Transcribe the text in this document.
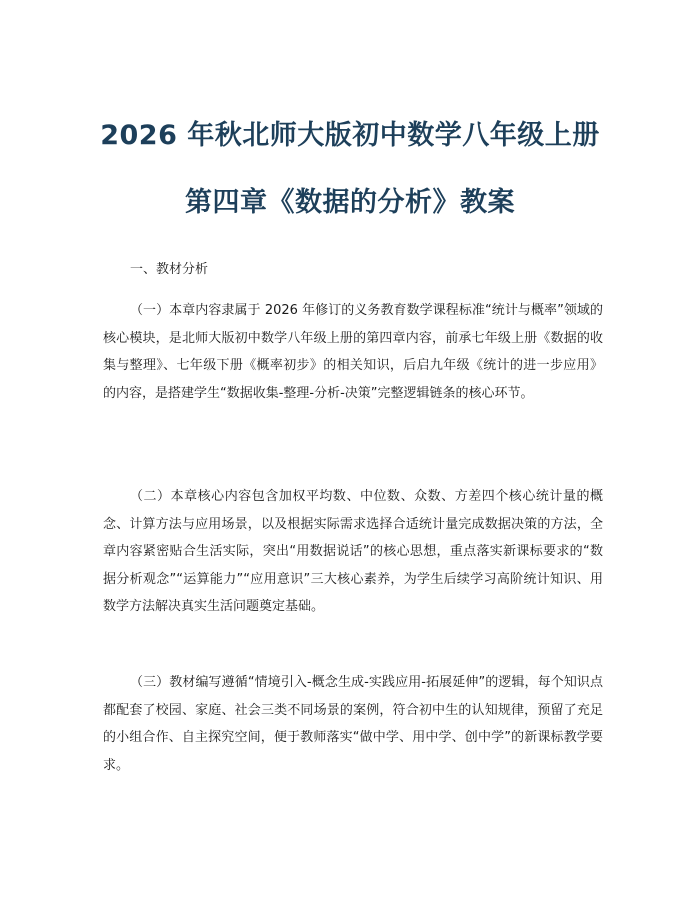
2026 年秋北师大版初中数学八年级上册
第四章《数据的分析》教案

一、教材分析

（一）本章内容隶属于 2026 年修订的义务教育数学课程标准“统计与概率”领域的核心模块，是北师大版初中数学八年级上册的第四章内容，前承七年级上册《数据的收集与整理》、七年级下册《概率初步》的相关知识，后启九年级《统计的进一步应用》的内容，是搭建学生“数据收集-整理-分析-决策”完整逻辑链条的核心环节。

（二）本章核心内容包含加权平均数、中位数、众数、方差四个核心统计量的概念、计算方法与应用场景，以及根据实际需求选择合适统计量完成数据决策的方法，全章内容紧密贴合生活实际，突出“用数据说话”的核心思想，重点落实新课标要求的“数据分析观念”“运算能力”“应用意识”三大核心素养，为学生后续学习高阶统计知识、用数学方法解决真实生活问题奠定基础。

（三）教材编写遵循“情境引入-概念生成-实践应用-拓展延伸”的逻辑，每个知识点都配套了校园、家庭、社会三类不同场景的案例，符合初中生的认知规律，预留了充足的小组合作、自主探究空间，便于教师落实“做中学、用中学、创中学”的新课标教学要求。
